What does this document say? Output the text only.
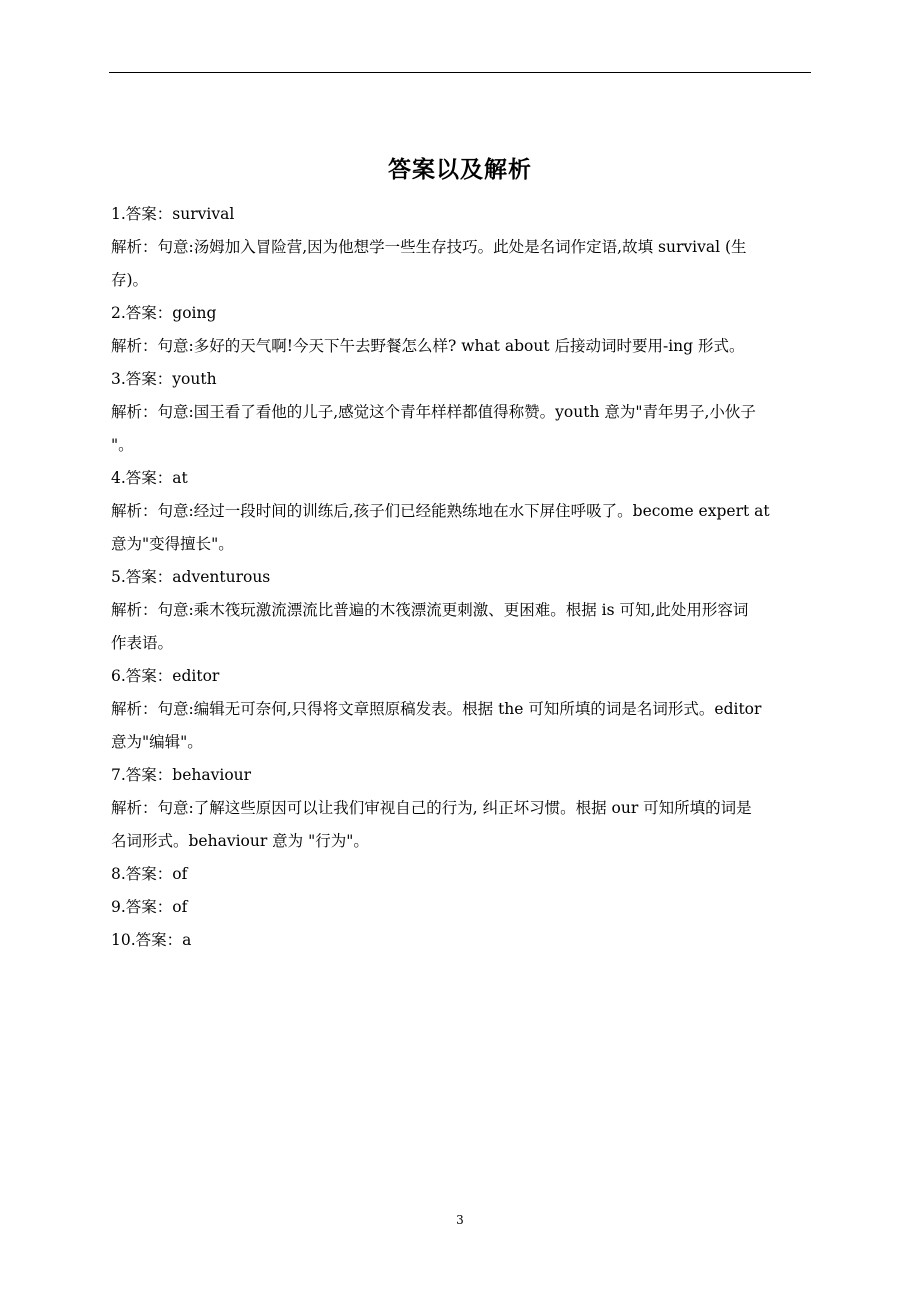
答案以及解析
1.答案：survival
解析：句意:汤姆加入冒险营,因为他想学一些生存技巧。此处是名词作定语,故填 survival (生
存)。
2.答案：going
解析：句意:多好的天气啊!今天下午去野餐怎么样? what about 后接动词时要用-ing 形式。
3.答案：youth
解析：句意:国王看了看他的儿子,感觉这个青年样样都值得称赞。youth 意为"青年男子,小伙子
"。
4.答案：at
解析：句意:经过一段时间的训练后,孩子们已经能熟练地在水下屏住呼吸了。become expert at
意为"变得擅长"。
5.答案：adventurous
解析：句意:乘木筏玩激流漂流比普遍的木筏漂流更刺激、更困难。根据 is 可知,此处用形容词
作表语。
6.答案：editor
解析：句意:编辑无可奈何,只得将文章照原稿发表。根据 the 可知所填的词是名词形式。editor
意为"编辑"。
7.答案：behaviour
解析：句意:了解这些原因可以让我们审视自己的行为, 纠正坏习惯。根据 our 可知所填的词是
名词形式。behaviour 意为 "行为"。
8.答案：of
9.答案：of
10.答案：a
3
